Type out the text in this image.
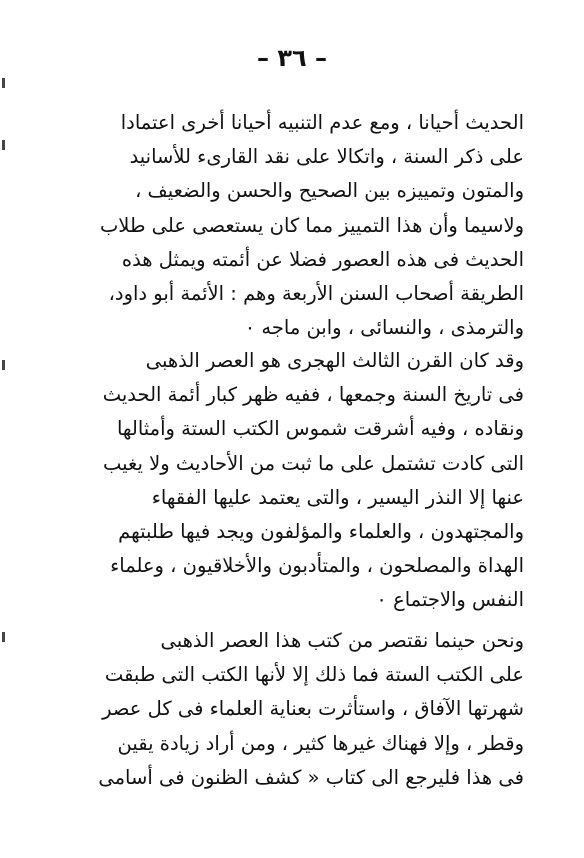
– ٣٦ –
الحديث أحيانا ، ومع عدم التنبيه أحيانا أخرى اعتمادا
على ذكر السنة ، واتكالا على نقد القارىء للأسانيد
والمتون وتمييزه بين الصحيح والحسن والضعيف ،
ولاسيما وأن هذا التمييز مما كان يستعصى على طلاب
الحديث فى هذه العصور فضلا عن أئمته ويمثل هذه
الطريقة أصحاب السنن الأربعة وهم : الأئمة أبو داود،
والترمذى ، والنسائى ، وابن ماجه ٠
وقد كان القرن الثالث الهجرى هو العصر الذهبى
فى تاريخ السنة وجمعها ، ففيه ظهر كبار أئمة الحديث
ونقاده ، وفيه أشرقت شموس الكتب الستة وأمثالها
التى كادت تشتمل على ما ثبت من الأحاديث ولا يغيب
عنها إلا النذر اليسير ، والتى يعتمد عليها الفقهاء
والمجتهدون ، والعلماء والمؤلفون ويجد فيها طلبتهم
الهداة والمصلحون ، والمتأدبون والأخلاقيون ، وعلماء
النفس والاجتماع ٠
ونحن حينما نقتصر من كتب هذا العصر الذهبى
على الكتب الستة فما ذلك إلا لأنها الكتب التى طبقت
شهرتها الآفاق ، واستأثرت بعناية العلماء فى كل عصر
وقطر ، وإلا فهناك غيرها كثير ، ومن أراد زيادة يقين
فى هذا فليرجع الى كتاب « كشف الظنون فى أسامى
